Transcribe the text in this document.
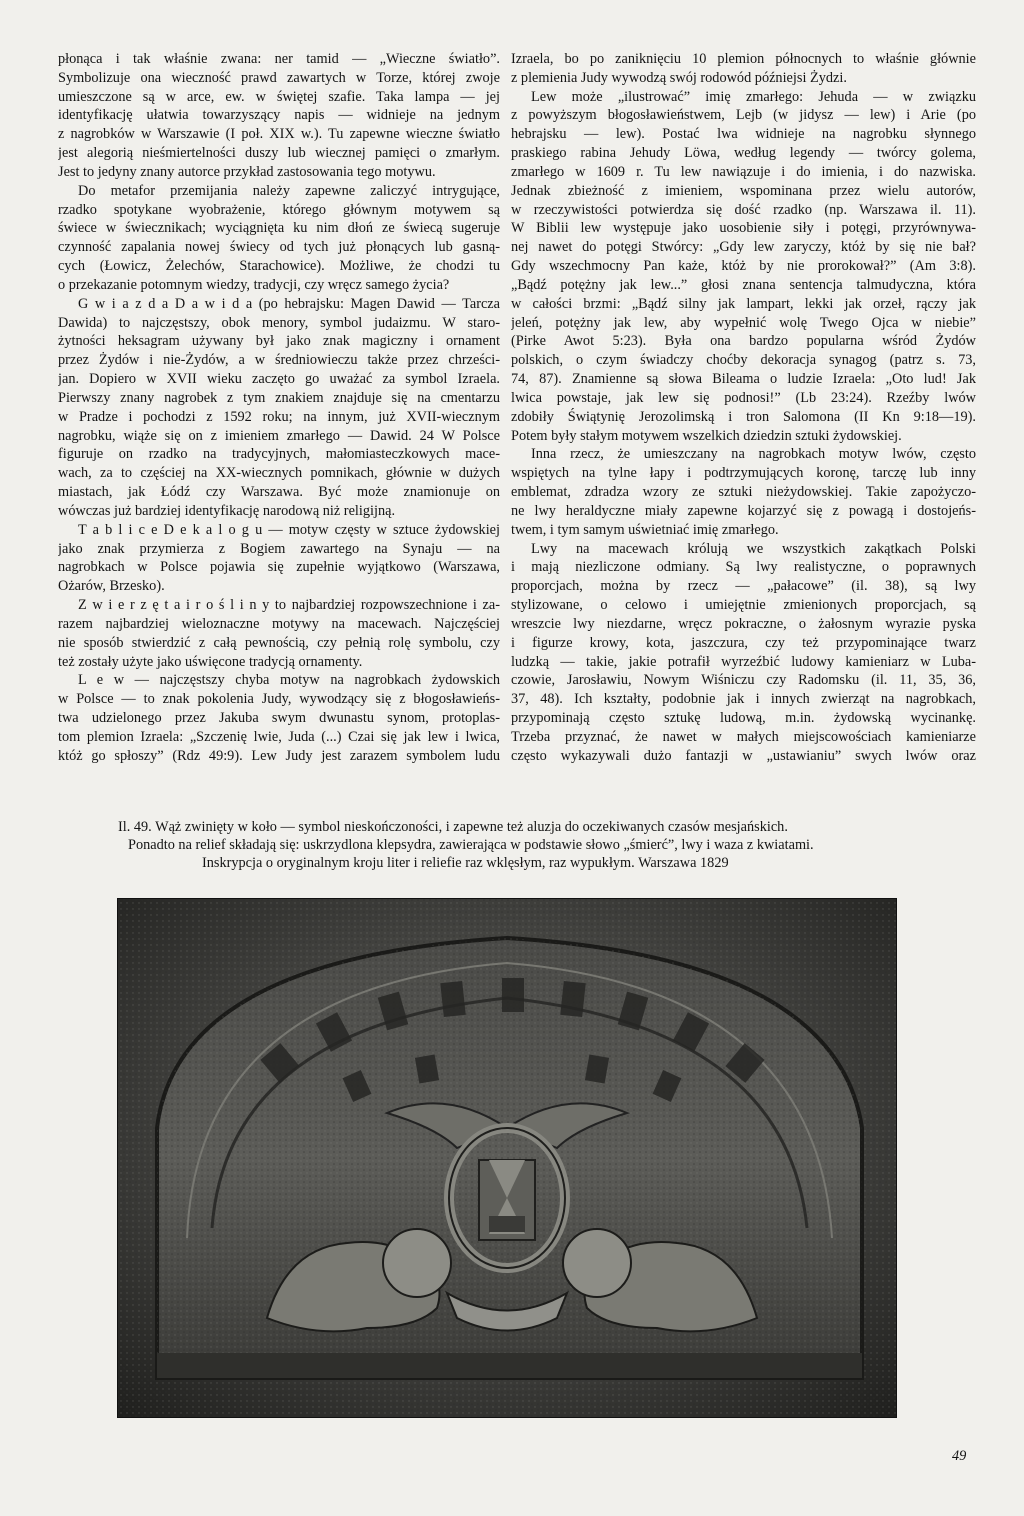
płonąca i tak właśnie zwana: ner tamid — „Wieczne światło”.
Symbolizuje ona wieczność prawd zawartych w Torze, której zwoje
umieszczone są w arce, ew. w świętej szafie. Taka lampa — jej
identyfikację ułatwia towarzyszący napis — widnieje na jednym
z nagrobków w Warszawie (I poł. XIX w.). Tu zapewne wieczne światło
jest alegorią nieśmiertelności duszy lub wiecznej pamięci o zmarłym.
Jest to jedyny znany autorce przykład zastosowania tego motywu.
Do metafor przemijania należy zapewne zaliczyć intrygujące,
rzadko spotykane wyobrażenie, którego głównym motywem są
świece w świecznikach; wyciągnięta ku nim dłoń ze świecą sugeruje
czynność zapalania nowej świecy od tych już płonących lub gasną-
cych (Łowicz, Żelechów, Starachowice). Możliwe, że chodzi tu
o przekazanie potomnym wiedzy, tradycji, czy wręcz samego życia?
G w i a z d a D a w i d a (po hebrajsku: Magen Dawid — Tarcza
Dawida) to najczęstszy, obok menory, symbol judaizmu. W staro-
żytności heksagram używany był jako znak magiczny i ornament
przez Żydów i nie-Żydów, a w średniowieczu także przez chrześci-
jan. Dopiero w XVII wieku zaczęto go uważać za symbol Izraela.
Pierwszy znany nagrobek z tym znakiem znajduje się na cmentarzu
w Pradze i pochodzi z 1592 roku; na innym, już XVII-wiecznym
nagrobku, wiąże się on z imieniem zmarłego — Dawid. 24 W Polsce
figuruje on rzadko na tradycyjnych, małomiasteczkowych mace-
wach, za to częściej na XX-wiecznych pomnikach, głównie w dużych
miastach, jak Łódź czy Warszawa. Być może znamionuje on
wówczas już bardziej identyfikację narodową niż religijną.
T a b l i c e D e k a l o g u — motyw częsty w sztuce żydowskiej
jako znak przymierza z Bogiem zawartego na Synaju — na
nagrobkach w Polsce pojawia się zupełnie wyjątkowo (Warszawa,
Ożarów, Brzesko).
Z w i e r z ę t a i r o ś l i n y to najbardziej rozpowszechnione i za-
razem najbardziej wieloznaczne motywy na macewach. Najczęściej
nie sposób stwierdzić z całą pewnością, czy pełnią rolę symbolu, czy
też zostały użyte jako uświęcone tradycją ornamenty.
L e w — najczęstszy chyba motyw na nagrobkach żydowskich
w Polsce — to znak pokolenia Judy, wywodzący się z błogosławieńs-
twa udzielonego przez Jakuba swym dwunastu synom, protoplas-
tom plemion Izraela: „Szczenię lwie, Juda (...) Czai się jak lew i lwica,
któż go spłoszy” (Rdz 49:9). Lew Judy jest zarazem symbolem ludu
Izraela, bo po zaniknięciu 10 plemion północnych to właśnie głównie
z plemienia Judy wywodzą swój rodowód późniejsi Żydzi.
Lew może „ilustrować” imię zmarłego: Jehuda — w związku
z powyższym błogosławieństwem, Lejb (w jidysz — lew) i Arie (po
hebrajsku — lew). Postać lwa widnieje na nagrobku słynnego
praskiego rabina Jehudy Löwa, według legendy — twórcy golema,
zmarłego w 1609 r. Tu lew nawiązuje i do imienia, i do nazwiska.
Jednak zbieżność z imieniem, wspominana przez wielu autorów,
w rzeczywistości potwierdza się dość rzadko (np. Warszawa il. 11).
W Biblii lew występuje jako uosobienie siły i potęgi, przyrównywa-
nej nawet do potęgi Stwórcy: „Gdy lew zaryczy, któż by się nie bał?
Gdy wszechmocny Pan każe, któż by nie prorokował?” (Am 3:8).
„Bądź potężny jak lew...” głosi znana sentencja talmudyczna, która
w całości brzmi: „Bądź silny jak lampart, lekki jak orzeł, rączy jak
jeleń, potężny jak lew, aby wypełnić wolę Twego Ojca w niebie”
(Pirke Awot 5:23). Była ona bardzo popularna wśród Żydów
polskich, o czym świadczy choćby dekoracja synagog (patrz s. 73,
74, 87). Znamienne są słowa Bileama o ludzie Izraela: „Oto lud! Jak
lwica powstaje, jak lew się podnosi!” (Lb 23:24). Rzeźby lwów
zdobiły Świątynię Jerozolimską i tron Salomona (II Kn 9:18—19).
Potem były stałym motywem wszelkich dziedzin sztuki żydowskiej.
Inna rzecz, że umieszczany na nagrobkach motyw lwów, często
wspiętych na tylne łapy i podtrzymujących koronę, tarczę lub inny
emblemat, zdradza wzory ze sztuki nieżydowskiej. Takie zapożyczo-
ne lwy heraldyczne miały zapewne kojarzyć się z powagą i dostojeńs-
twem, i tym samym uświetniać imię zmarłego.
Lwy na macewach królują we wszystkich zakątkach Polski
i mają niezliczone odmiany. Są lwy realistyczne, o poprawnych
proporcjach, można by rzecz — „pałacowe” (il. 38), są lwy
stylizowane, o celowo i umiejętnie zmienionych proporcjach, są
wreszcie lwy niezdarne, wręcz pokraczne, o żałosnym wyrazie pyska
i figurze krowy, kota, jaszczura, czy też przypominające twarz
ludzką — takie, jakie potrafił wyrzeźbić ludowy kamieniarz w Luba-
czowie, Jarosławiu, Nowym Wiśniczu czy Radomsku (il. 11, 35, 36,
37, 48). Ich kształty, podobnie jak i innych zwierząt na nagrobkach,
przypominają często sztukę ludową, m.in. żydowską wycinankę.
Trzeba przyznać, że nawet w małych miejscowościach kamieniarze
często wykazywali dużo fantazji w „ustawianiu” swych lwów oraz
Il. 49. Wąż zwinięty w koło — symbol nieskończoności, i zapewne też aluzja do oczekiwanych czasów mesjańskich.
Ponadto na relief składają się: uskrzydlona klepsydra, zawierająca w podstawie słowo „śmierć”, lwy i waza z kwiatami.
Inskrypcja o oryginalnym kroju liter i reliefie raz wklęsłym, raz wypukłym. Warszawa 1829
49
